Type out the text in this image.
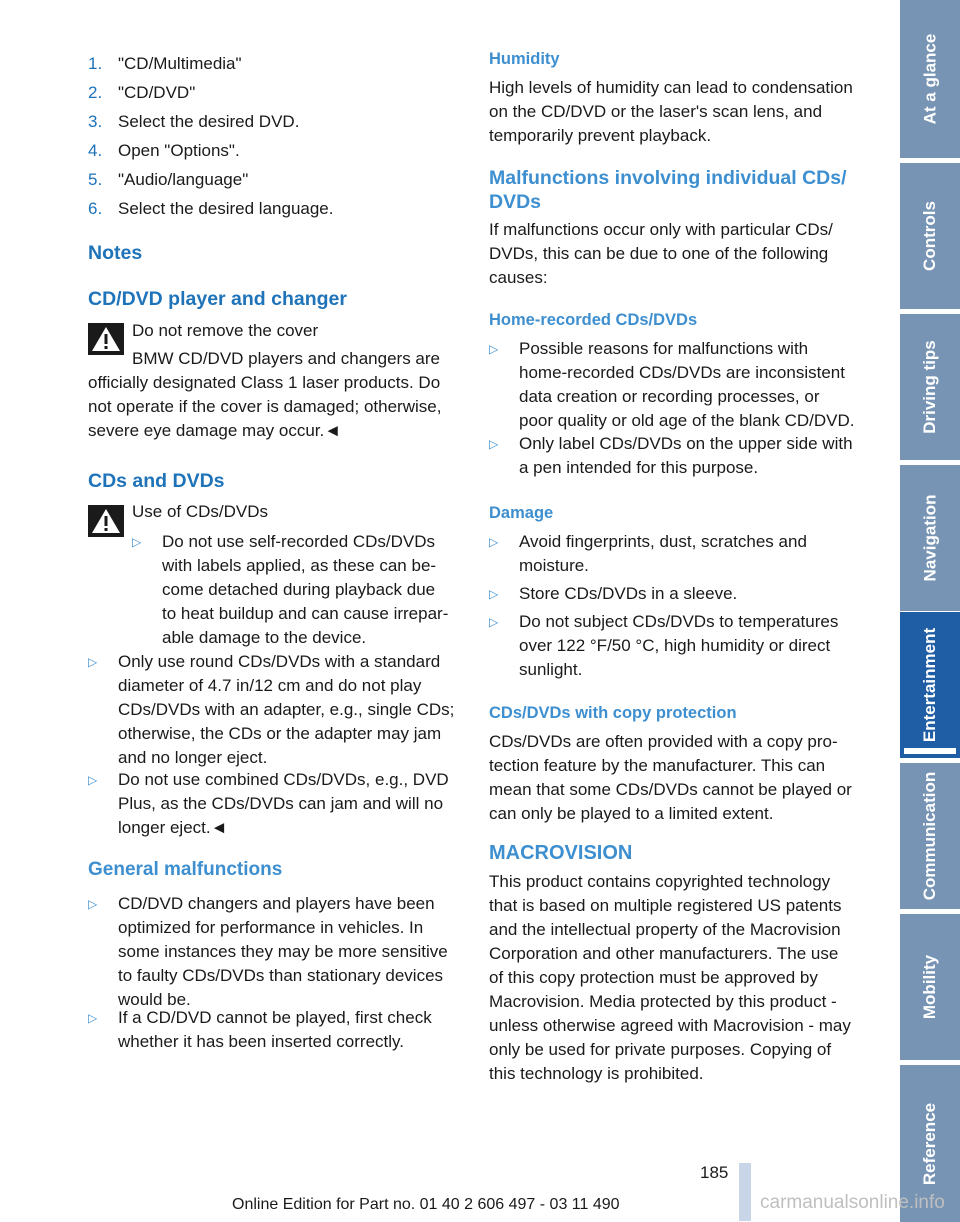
1. "CD/Multimedia"
2. "CD/DVD"
3. Select the desired DVD.
4. Open "Options".
5. "Audio/language"
6. Select the desired language.
Notes
CD/DVD player and changer
Do not remove the cover
BMW CD/DVD players and changers are
officially designated Class 1 laser products. Do
not operate if the cover is damaged; otherwise,
severe eye damage may occur.◄
CDs and DVDs
Use of CDs/DVDs
▷ Do not use self-recorded CDs/DVDs
with labels applied, as these can be-
come detached during playback due
to heat buildup and can cause irrepar-
able damage to the device.
▷ Only use round CDs/DVDs with a standard
diameter of 4.7 in/12 cm and do not play
CDs/DVDs with an adapter, e.g., single CDs;
otherwise, the CDs or the adapter may jam
and no longer eject.
▷ Do not use combined CDs/DVDs, e.g., DVD
Plus, as the CDs/DVDs can jam and will no
longer eject.◄
General malfunctions
▷ CD/DVD changers and players have been
optimized for performance in vehicles. In
some instances they may be more sensitive
to faulty CDs/DVDs than stationary devices
would be.
▷ If a CD/DVD cannot be played, first check
whether it has been inserted correctly.
Humidity
High levels of humidity can lead to condensation
on the CD/DVD or the laser's scan lens, and
temporarily prevent playback.
Malfunctions involving individual CDs/
DVDs
If malfunctions occur only with particular CDs/
DVDs, this can be due to one of the following
causes:
Home-recorded CDs/DVDs
▷ Possible reasons for malfunctions with
home-recorded CDs/DVDs are inconsistent
data creation or recording processes, or
poor quality or old age of the blank CD/DVD.
▷ Only label CDs/DVDs on the upper side with
a pen intended for this purpose.
Damage
▷ Avoid fingerprints, dust, scratches and
moisture.
▷ Store CDs/DVDs in a sleeve.
▷ Do not subject CDs/DVDs to temperatures
over 122 °F/50 °C, high humidity or direct
sunlight.
CDs/DVDs with copy protection
CDs/DVDs are often provided with a copy pro-
tection feature by the manufacturer. This can
mean that some CDs/DVDs cannot be played or
can only be played to a limited extent.
MACROVISION
This product contains copyrighted technology
that is based on multiple registered US patents
and the intellectual property of the Macrovision
Corporation and other manufacturers. The use
of this copy protection must be approved by
Macrovision. Media protected by this product -
unless otherwise agreed with Macrovision - may
only be used for private purposes. Copying of
this technology is prohibited.
At a glance
Controls
Driving tips
Navigation
Entertainment
Communication
Mobility
Reference
185
Online Edition for Part no. 01 40 2 606 497 - 03 11 490	carmanualsonline.info
